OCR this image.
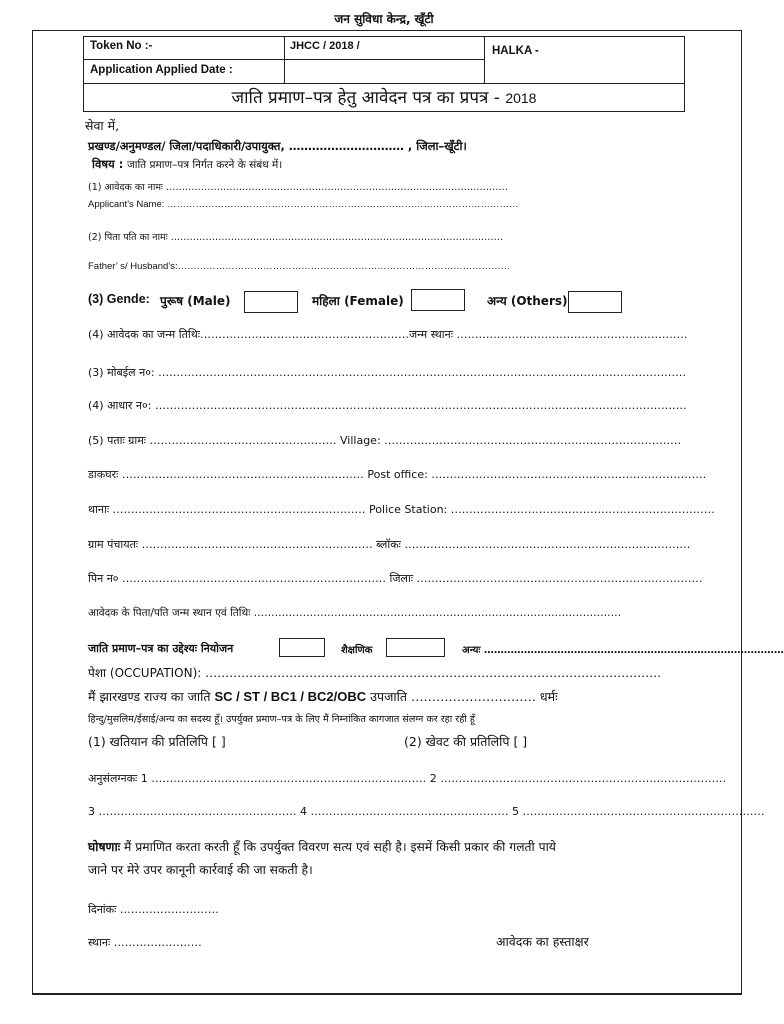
जन सुविधा केन्द्र, खूँटी
Token No :-	JHCC / 2018 /	HALKA -
Application Applied Date :
जाति प्रमाण–पत्र हेतु आवेदन पत्र का प्रपत्र - 2018
सेवा में,
प्रखण्ड/अनुमण्डल/ जिला/पदाधिकारी/उपायुक्त, ………………………… , जिला–खूँटी।
विषय : जाति प्रमाण–पत्र निर्गत करने के संबंध में।
(1) आवेदक का नामः ………………………………………………………………………………………………
Applicant’s Name: …………………………………………………………………………………………………
(2) पिता पति का नामः ……………………………………………………………………………………………
Father’ s/ Husband’s:……………………………………………………………………………………………
(3) Gende: पुरूष (Male)	महिला (Female)	अन्य (Others)
(4) आवेदक का जन्म तिथिः…………………………………………………जन्म स्थानः ………………………………………………………
(3) मोबईल न०: ………………………………………………………………………………………………………………………………
(4) आधार न०: ……………………………………………………………………………………………………………………………….
(5) पताः ग्रामः …………………………………………… Village: ………………………………………………………………………
डाकघरः ………………………………………………………… Post office: …………………………………………………………………
थानाः …………………………………………………………… Police Station: ………………………………………………………………
ग्राम पंचायतः ……………………………………………………… ब्लॉकः ……………………………………………………………………
पिन न० ……………………………………………………………… जिलाः ……………………………………………………………………
आवेदक के पिता/पति जन्म स्थान एवं तिथिः ……………………………………………………………………………………………
जाति प्रमाण–पत्र का उद्देश्यः नियोजन	शैक्षणिक	अन्यः ………………………………………………………………………………
पेशा (OCCUPATION): ……………………………………………………………………………………………………
मैं झारखण्ड राज्य का जाति SC / ST / BC1 / BC2/OBC उपजाति ………………………… धर्मः
हिन्दु/मुसलिम/ईसाई/अन्य का सदस्य हूँ। उपर्युक्त प्रमाण–पत्र के लिए मैं निम्नांकित कागजात संलग्न कर रहा रही हूँ
(1) खतियान की प्रतिलिपि [ ]	(2) खेवट की प्रतिलिपि [ ]
अनुसंलग्नकः 1 ………………………………………………………………… 2 ……………………………………………………………………
3 ……………………………………………… 4 ……………………………………………… 5 …………………………………………………………
घोषणाः मैं प्रमाणित करता करती हूँ कि उपर्युक्त विवरण सत्य एवं सही है। इसमें किसी प्रकार की गलती पाये
जाने पर मेरे उपर कानूनी कार्रवाई की जा सकती है।
दिनांकः ………………………
स्थानः ……………………	आवेदक का हस्ताक्षर
